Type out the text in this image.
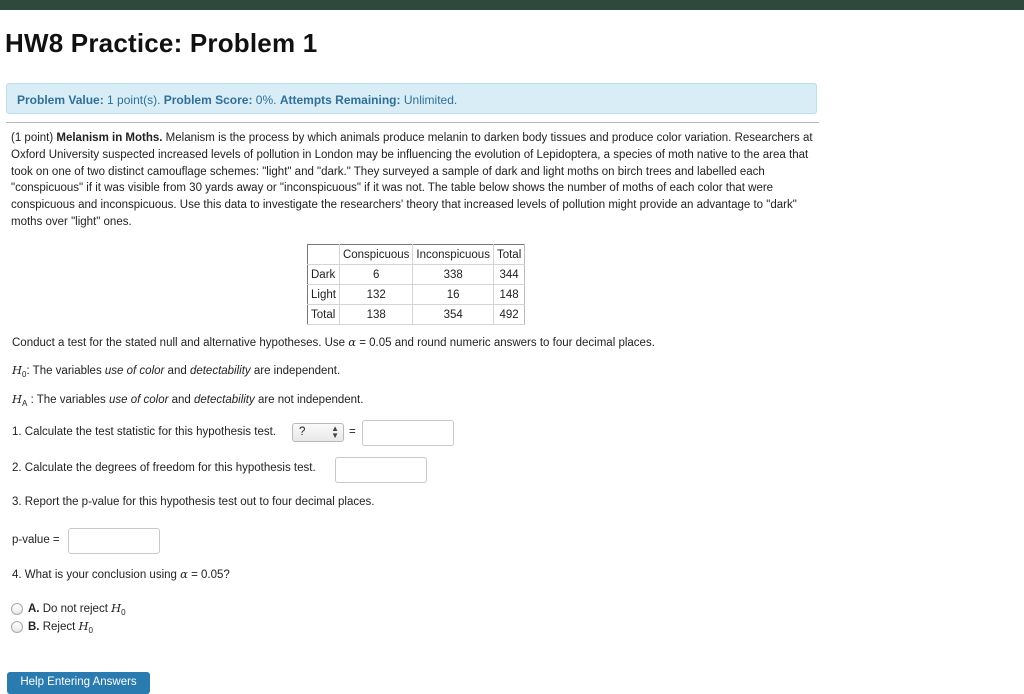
HW8 Practice: Problem 1
Problem Value: 1 point(s). Problem Score: 0%. Attempts Remaining: Unlimited.
(1 point) Melanism in Moths. Melanism is the process by which animals produce melanin to darken body tissues and produce color variation. Researchers at Oxford University suspected increased levels of pollution in London may be influencing the evolution of Lepidoptera, a species of moth native to the area that took on one of two distinct camouflage schemes: "light" and "dark." They surveyed a sample of dark and light moths on birch trees and labelled each "conspicuous" if it was visible from 30 yards away or "inconspicuous" if it was not. The table below shows the number of moths of each color that were conspicuous and inconspicuous. Use this data to investigate the researchers' theory that increased levels of pollution might provide an advantage to "dark" moths over "light" ones.
	Conspicuous	Inconspicuous	Total
Dark	6	338	344
Light	132	16	148
Total	138	354	492
Conduct a test for the stated null and alternative hypotheses. Use α = 0.05 and round numeric answers to four decimal places.
$H_0$: The variables use of color and detectability are independent.
$H_A$ : The variables use of color and detectability are not independent.
1. Calculate the test statistic for this hypothesis test.	?	▲
▼ =
2. Calculate the degrees of freedom for this hypothesis test.
3. Report the p-value for this hypothesis test out to four decimal places.
p-value =
4. What is your conclusion using α = 0.05?
A. Do not reject $H_0$
B. Reject $H_0$
Help Entering Answers
